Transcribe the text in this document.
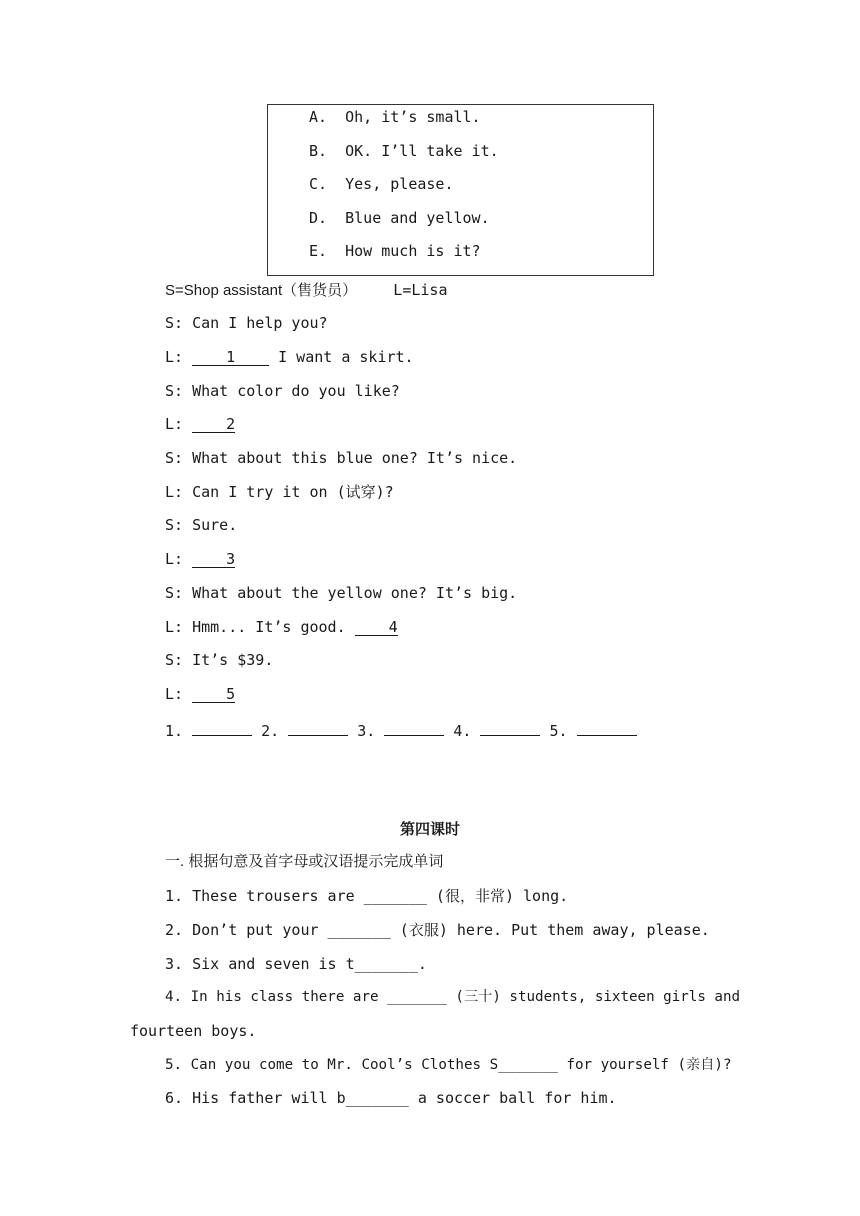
A.  Oh, it’s small.
B.  OK. I’ll take it.
C.  Yes, please.
D.  Blue and yellow.
E.  How much is it?
S=Shop assistant（售货员） L=Lisa
S: Can I help you?
L:	1	I want a skirt.
S: What color do you like?
L:	2
S: What about this blue one? It’s nice.
L: Can I try it on (试穿)?
S: Sure.
L:	3
S: What about the yellow one? It’s big.
L: Hmm... It’s good.	4
S: It’s $39.
L:	5
1.	2.	3.	4.	5.
第四课时
一. 根据句意及首字母或汉语提示完成单词
1. These trousers are _______ (很，非常) long.
2. Don’t put your _______ (衣服) here. Put them away, please.
3. Six and seven is t_______.
4. In his class there are _______ (三十) students, sixteen girls and
fourteen boys.
5. Can you come to Mr. Cool’s Clothes S_______ for yourself (亲自)?
6. His father will b_______ a soccer ball for him.
